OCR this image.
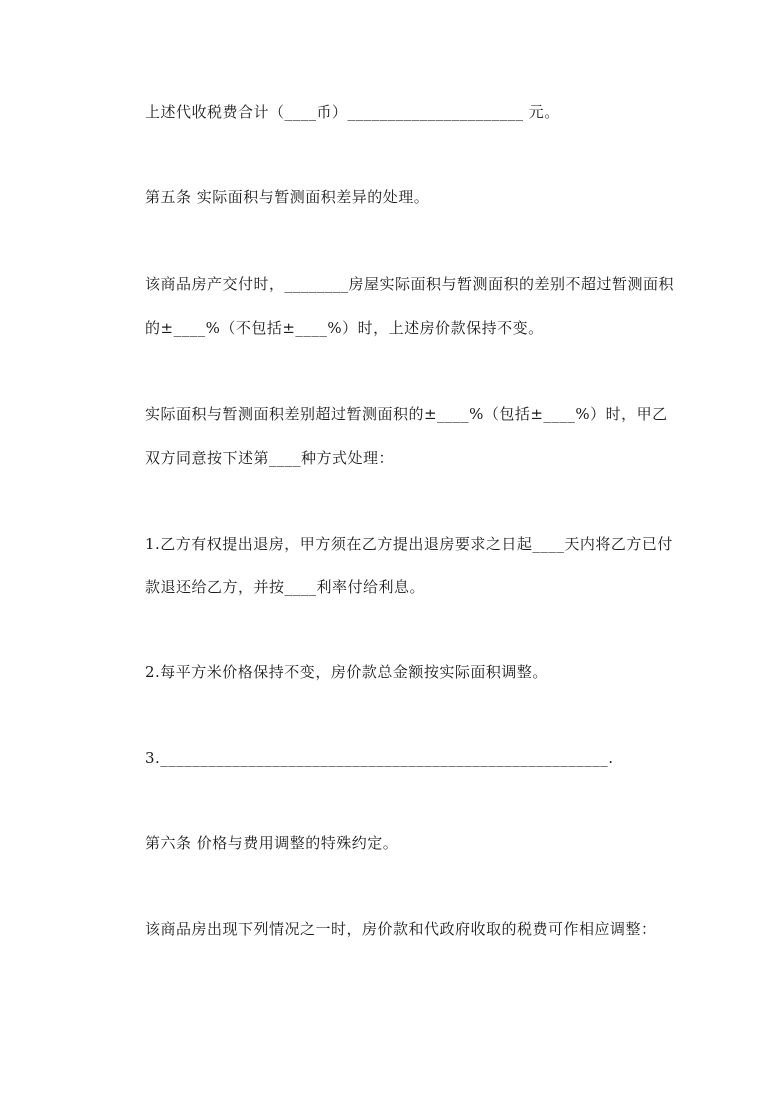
上述代收税费合计（____币）______________________ 元。
第五条 实际面积与暂测面积差异的处理。
该商品房产交付时，________房屋实际面积与暂测面积的差别不超过暂测面积
的±____%（不包括±____%）时，上述房价款保持不变。
实际面积与暂测面积差别超过暂测面积的±____%（包括±____%）时，甲乙
双方同意按下述第____种方式处理：
1.乙方有权提出退房，甲方须在乙方提出退房要求之日起____天内将乙方已付
款退还给乙方，并按____利率付给利息。
2.每平方米价格保持不变，房价款总金额按实际面积调整。
3.________________________________________________________.
第六条 价格与费用调整的特殊约定。
该商品房出现下列情况之一时，房价款和代政府收取的税费可作相应调整：
